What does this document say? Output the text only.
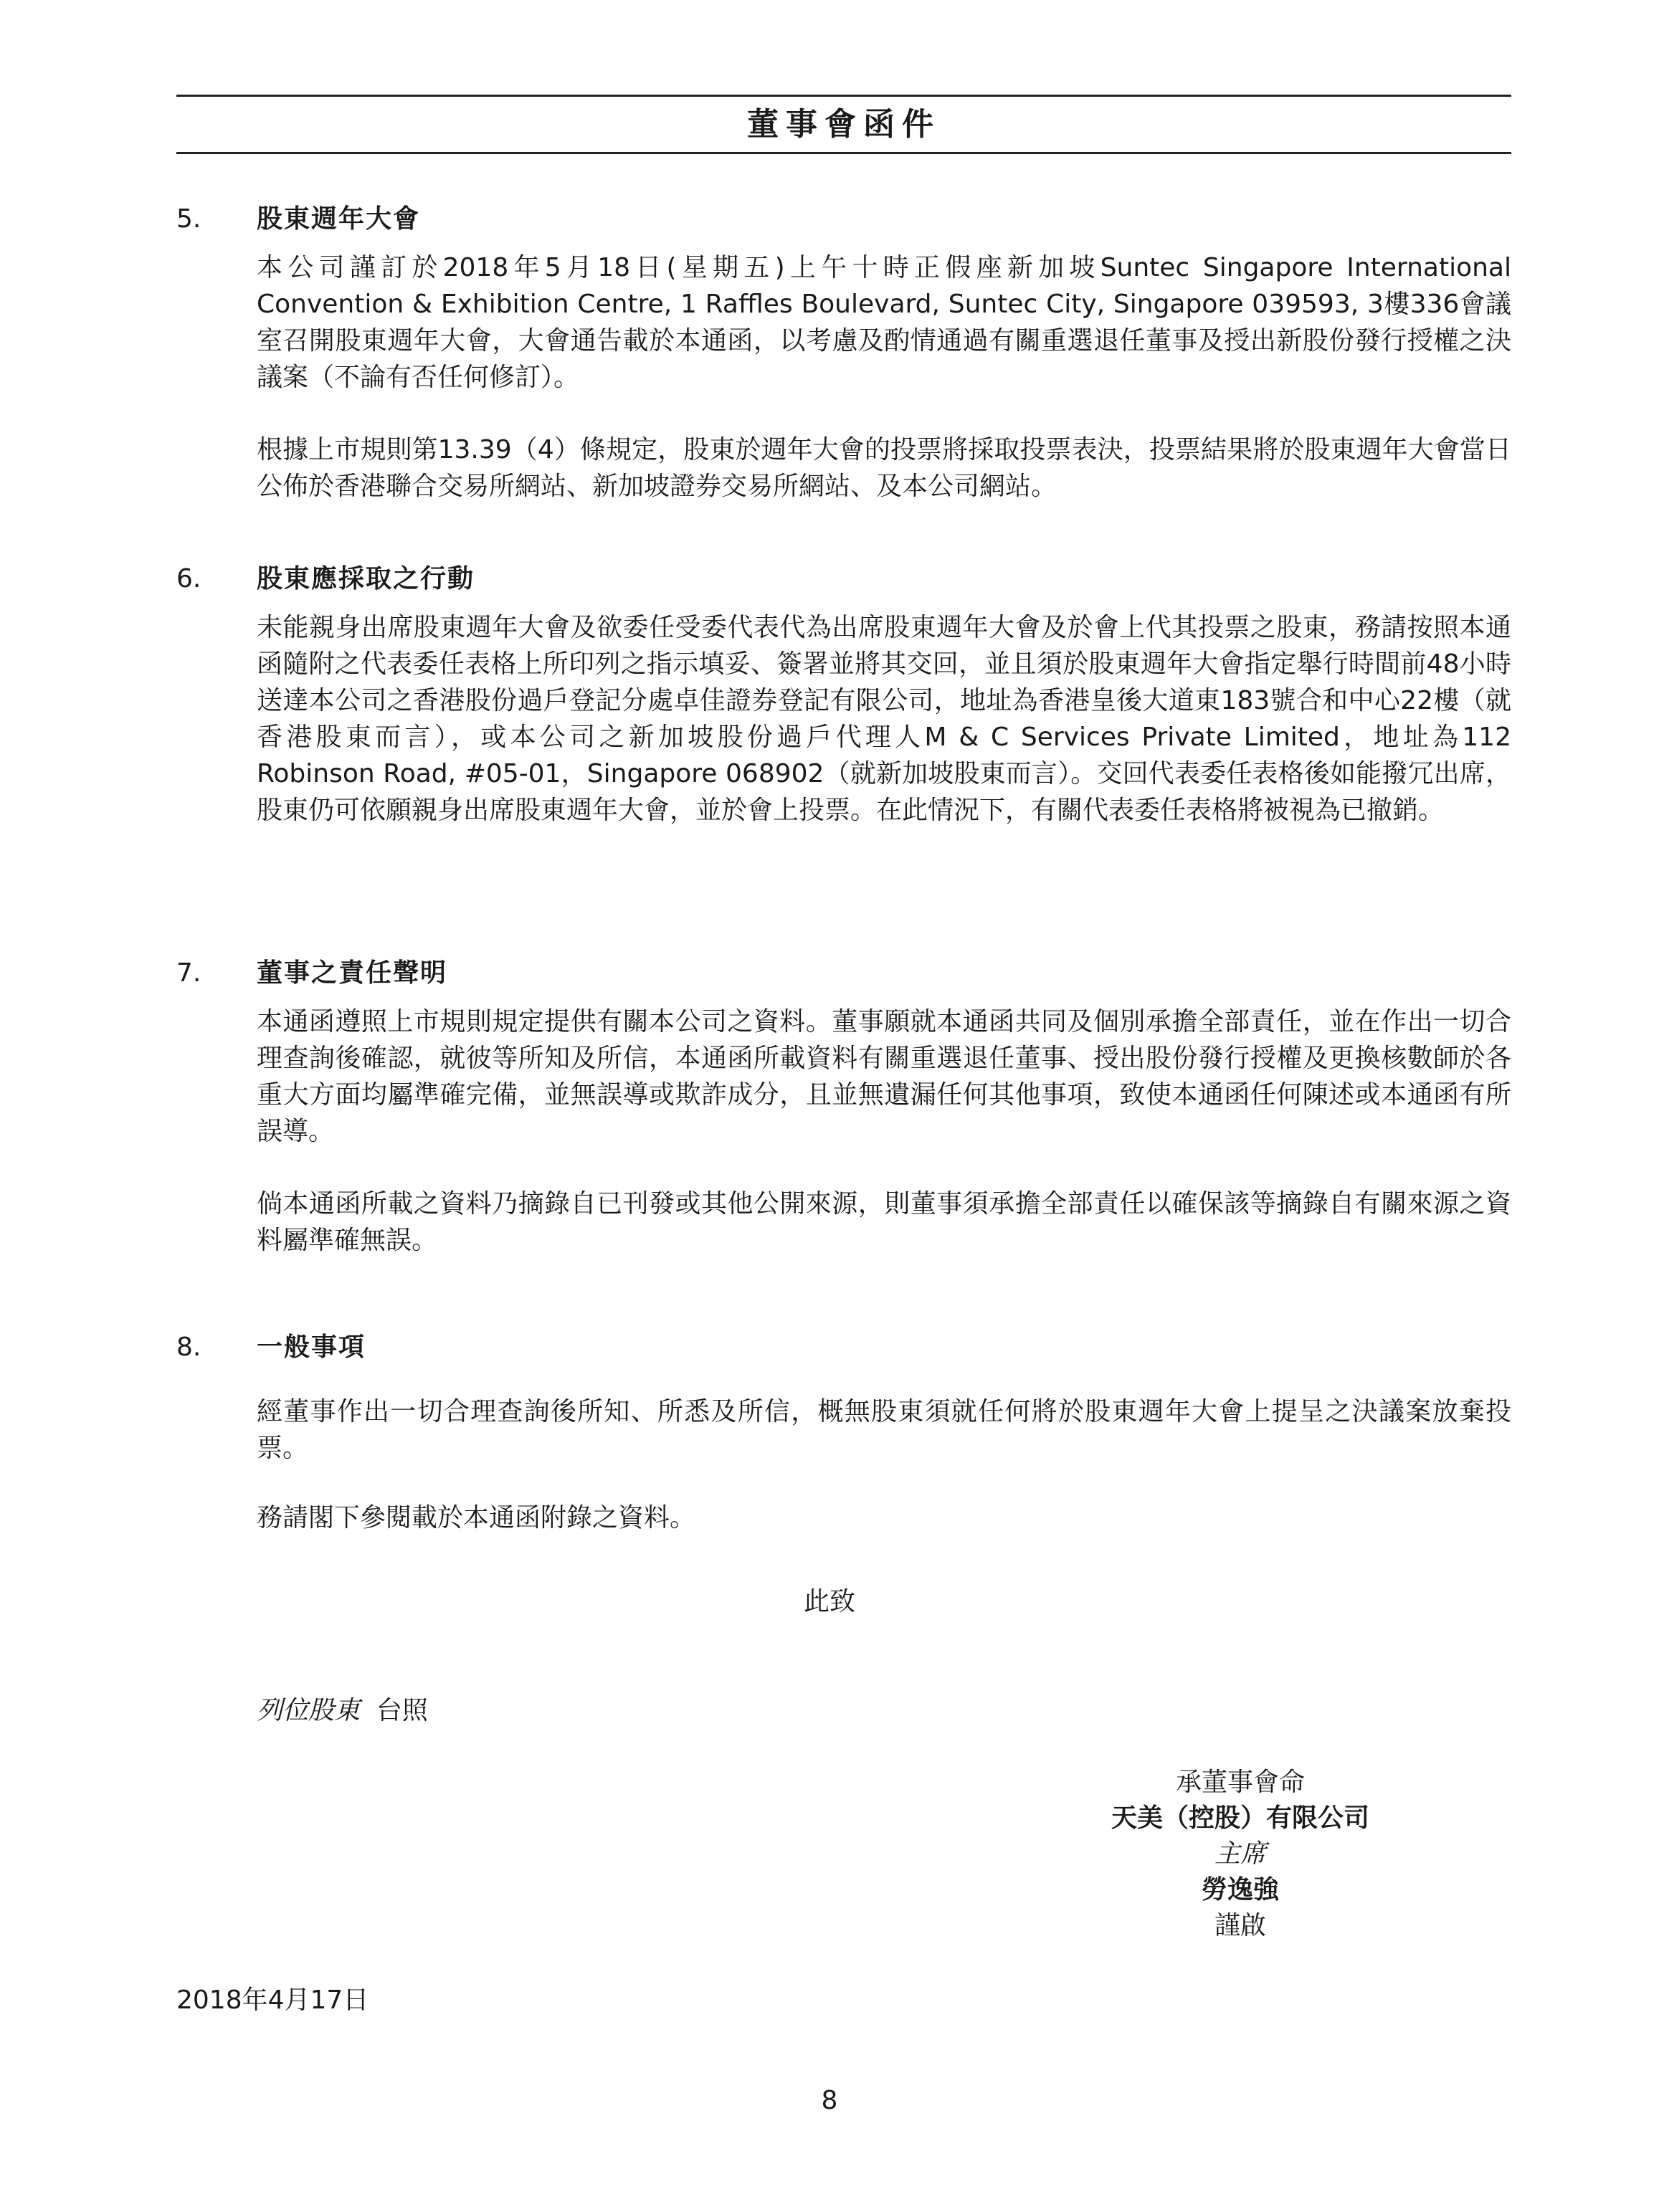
董事會函件
5. 股東週年大會

本公司謹訂於2018年5月18日(星期五)上午十時正假座新加坡Suntec Singapore International Convention & Exhibition Centre, 1 Raffles Boulevard, Suntec City, Singapore 039593, 3樓336會議室召開股東週年大會，大會通告載於本通函，以考慮及酌情通過有關重選退任董事及授出新股份發行授權之決議案（不論有否任何修訂）。

根據上市規則第13.39（4）條規定，股東於週年大會的投票將採取投票表決，投票結果將於股東週年大會當日公佈於香港聯合交易所網站、新加坡證券交易所網站、及本公司網站。

6. 股東應採取之行動

未能親身出席股東週年大會及欲委任受委代表代為出席股東週年大會及於會上代其投票之股東，務請按照本通函隨附之代表委任表格上所印列之指示填妥、簽署並將其交回，並且須於股東週年大會指定舉行時間前48小時送達本公司之香港股份過戶登記分處卓佳證券登記有限公司，地址為香港皇後大道東183號合和中心22樓（就香港股東而言），或本公司之新加坡股份過戶代理人M & C Services Private Limited，地址為112 Robinson Road, #05-01，Singapore 068902（就新加坡股東而言）。交回代表委任表格後如能撥冗出席，股東仍可依願親身出席股東週年大會，並於會上投票。在此情況下，有關代表委任表格將被視為已撤銷。

7. 董事之責任聲明

本通函遵照上市規則規定提供有關本公司之資料。董事願就本通函共同及個別承擔全部責任，並在作出一切合理查詢後確認，就彼等所知及所信，本通函所載資料有關重選退任董事、授出股份發行授權及更換核數師於各重大方面均屬準確完備，並無誤導或欺詐成分，且並無遺漏任何其他事項，致使本通函任何陳述或本通函有所誤導。

倘本通函所載之資料乃摘錄自已刊發或其他公開來源，則董事須承擔全部責任以確保該等摘錄自有關來源之資料屬準確無誤。

8. 一般事項

經董事作出一切合理查詢後所知、所悉及所信，概無股東須就任何將於股東週年大會上提呈之決議案放棄投票。

務請閣下參閱載於本通函附錄之資料。

此致
列位股東 台照
承董事會命
天美（控股）有限公司
主席
勞逸強
謹啟
2018年4月17日
8
